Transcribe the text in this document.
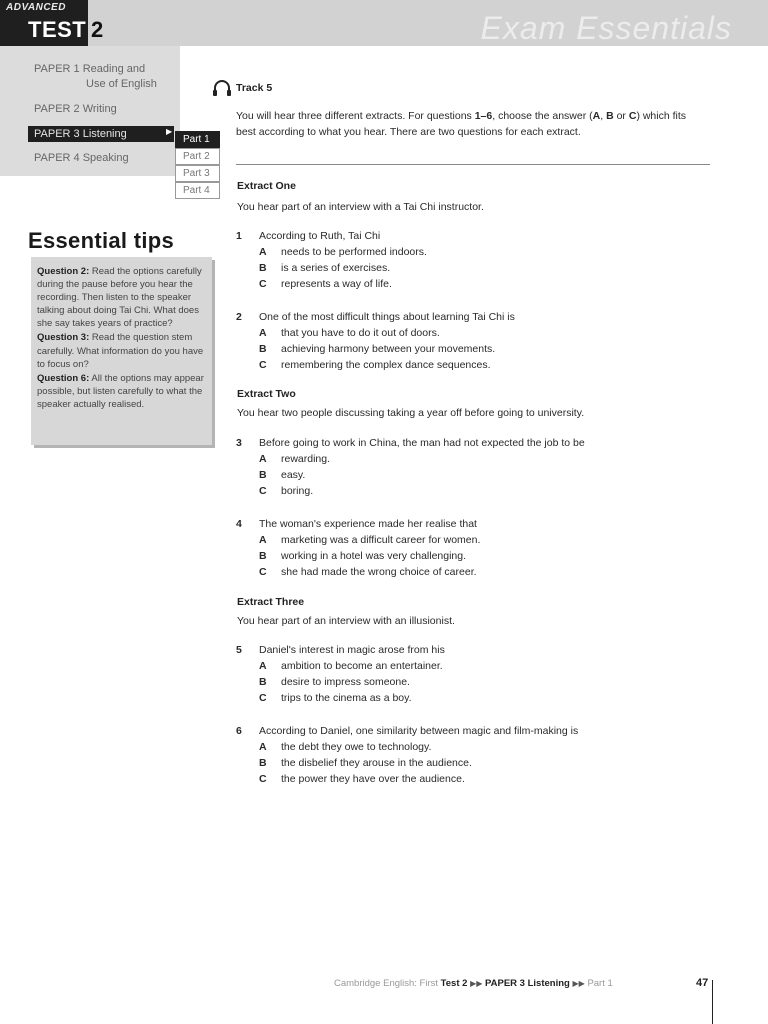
ADVANCED
TEST 2	Exam Essentials
PAPER 1 Reading and
Use of English
PAPER 2 Writing
PAPER 3 Listening	▶
PAPER 4 Speaking
Part 1
Part 2
Part 3
Part 4
Essential tips

Question 2: Read the options carefully during the pause before you hear the recording. Then listen to the speaker talking about doing Tai Chi. What does she say takes years of practice?

Question 3: Read the question stem carefully. What information do you have to focus on?

Question 6: All the options may appear possible, but listen carefully to what the speaker actually realised.

Track 5
You will hear three different extracts. For questions 1–6, choose the answer (A, B or C) which fits best according to what you hear. There are two questions for each extract.
Extract One
You hear part of an interview with a Tai Chi instructor.
1 According to Ruth, Tai Chi
A needs to be performed indoors.
B is a series of exercises.
C represents a way of life.
2 One of the most difficult things about learning Tai Chi is
A that you have to do it out of doors.
B achieving harmony between your movements.
C remembering the complex dance sequences.
Extract Two
You hear two people discussing taking a year off before going to university.
3 Before going to work in China, the man had not expected the job to be
A rewarding.
B easy.
C boring.
4 The woman's experience made her realise that
A marketing was a difficult career for women.
B working in a hotel was very challenging.
C she had made the wrong choice of career.
Extract Three
You hear part of an interview with an illusionist.
5 Daniel's interest in magic arose from his
A ambition to become an entertainer.
B desire to impress someone.
C trips to the cinema as a boy.
6 According to Daniel, one similarity between magic and film-making is
A the debt they owe to technology.
B the disbelief they arouse in the audience.
C the power they have over the audience.
Cambridge English: First Test 2 ▶▶ PAPER 3 Listening ▶▶ Part 1	47
